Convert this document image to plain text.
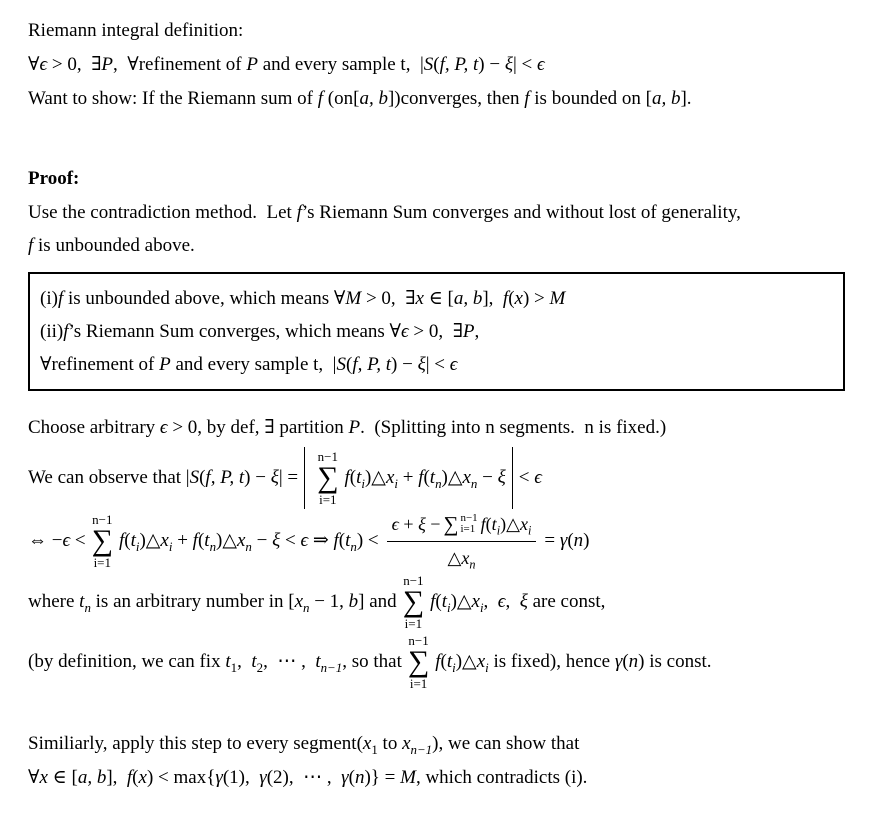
Riemann integral definition:
∀ϵ > 0, ∃P, ∀refinement of P and every sample t, |S(f, P, t) − ξ| < ϵ
Want to show: If the Riemann sum of f (on[a, b])converges, then f is bounded on [a, b].
Proof:
Use the contradiction method. Let f’s Riemann Sum converges and without lost of generality,
f is unbounded above.
(i)f is unbounded above, which means ∀M > 0, ∃x ∈ [a, b], f(x) > M
(ii)f’s Riemann Sum converges, which means ∀ϵ > 0, ∃P,
∀refinement of P and every sample t, |S(f, P, t) − ξ| < ϵ
Choose arbitrary ϵ > 0, by def, ∃ partition P. (Splitting into n segments. n is fixed.)
We can observe that |S(f, P, t) − ξ| =
n−1
∑
i=1
$f(t_i)\triangle x_i$ + $f(t_n)\triangle x_n - \xi < \epsilon$
⇔ −ϵ <
n−1
∑
i=1
$f(t_i)\triangle x_i$ + $f(t_n)\triangle x_n - \xi < \epsilon$ ⇒ $f(t_n)$ <
ϵ + ξ − ∑ n−1
i=1 $f(t_i)\triangle x_i$
$\triangle x_n$
= γ(n)
where $t_n$ is an arbitrary number in [$x_n - 1$, b] and
n−1
∑
i=1
$f(t_i)\triangle x_i$, ϵ, ξ are const,
(by definition, we can fix $t_1$, $t_2$, ⋯ , $t_{n-1}$, so that
n−1
∑
i=1
$f(t_i)\triangle x_i$ is fixed), hence γ(n) is const.
Similiarly, apply this step to every $segment(x_1$ to $x_{n-1}$), we can show that
∀x ∈ [a, b], f(x) < max{γ(1), γ(2), ⋯ , γ(n)} = M, which contradicts (i).
